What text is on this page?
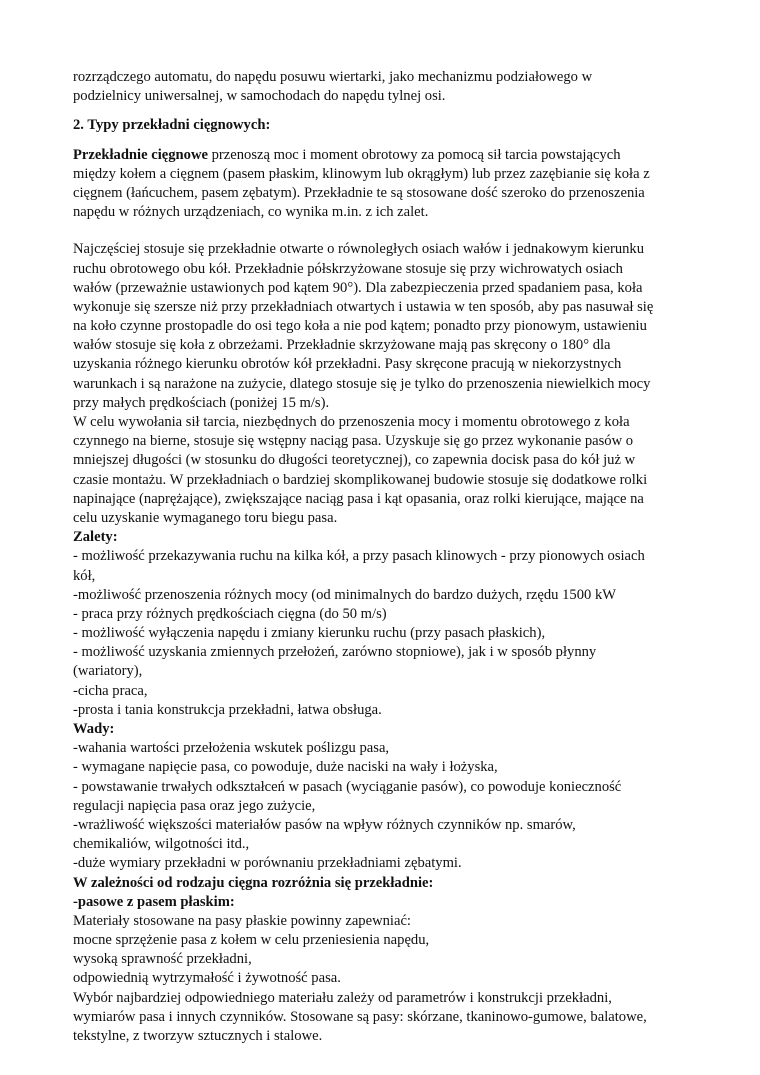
rozrządczego automatu, do napędu posuwu wiertarki, jako mechanizmu podziałowego w
podzielnicy uniwersalnej, w samochodach do napędu tylnej osi.
2. Typy przekładni cięgnowych:
Przekładnie cięgnowe przenoszą moc i moment obrotowy za pomocą sił tarcia powstających
między kołem a cięgnem (pasem płaskim, klinowym lub okrągłym) lub przez zazębianie się koła z
cięgnem (łańcuchem, pasem zębatym). Przekładnie te są stosowane dość szeroko do przenoszenia
napędu w różnych urządzeniach, co wynika m.in. z ich zalet.
Najczęściej stosuje się przekładnie otwarte o równoległych osiach wałów i jednakowym kierunku
ruchu obrotowego obu kół. Przekładnie półskrzyżowane stosuje się przy wichrowatych osiach
wałów (przeważnie ustawionych pod kątem 90°). Dla zabezpieczenia przed spadaniem pasa, koła
wykonuje się szersze niż przy przekładniach otwartych i ustawia w ten sposób, aby pas nasuwał się
na koło czynne prostopadle do osi tego koła a nie pod kątem; ponadto przy pionowym, ustawieniu
wałów stosuje się koła z obrzeżami. Przekładnie skrzyżowane mają pas skręcony o 180° dla
uzyskania różnego kierunku obrotów kół przekładni. Pasy skręcone pracują w niekorzystnych
warunkach i są narażone na zużycie, dlatego stosuje się je tylko do przenoszenia niewielkich mocy
przy małych prędkościach (poniżej 15 m/s).
W celu wywołania sił tarcia, niezbędnych do przenoszenia mocy i momentu obrotowego z koła
czynnego na bierne, stosuje się wstępny naciąg pasa. Uzyskuje się go przez wykonanie pasów o
mniejszej długości (w stosunku do długości teoretycznej), co zapewnia docisk pasa do kół już w
czasie montażu. W przekładniach o bardziej skomplikowanej budowie stosuje się dodatkowe rolki
napinające (naprężające), zwiększające naciąg pasa i kąt opasania, oraz rolki kierujące, mające na
celu uzyskanie wymaganego toru biegu pasa.
Zalety:
- możliwość przekazywania ruchu na kilka kół, a przy pasach klinowych - przy pionowych osiach
kół,
-możliwość przenoszenia różnych mocy (od minimalnych do bardzo dużych, rzędu 1500 kW
- praca przy różnych prędkościach cięgna (do 50 m/s)
- możliwość wyłączenia napędu i zmiany kierunku ruchu (przy pasach płaskich),
- możliwość uzyskania zmiennych przełożeń, zarówno stopniowe), jak i w sposób płynny
(wariatory),
-cicha praca,
-prosta i tania konstrukcja przekładni, łatwa obsługa.
Wady:
-wahania wartości przełożenia wskutek poślizgu pasa,
- wymagane napięcie pasa, co powoduje, duże naciski na wały i łożyska,
- powstawanie trwałych odkształceń w pasach (wyciąganie pasów), co powoduje konieczność
regulacji napięcia pasa oraz jego zużycie,
-wrażliwość większości materiałów pasów na wpływ różnych czynników np. smarów,
chemikaliów, wilgotności itd.,
-duże wymiary przekładni w porównaniu przekładniami zębatymi.
W zależności od rodzaju cięgna rozróżnia się przekładnie:
-pasowe z pasem płaskim:
Materiały stosowane na pasy płaskie powinny zapewniać:
mocne sprzężenie pasa z kołem w celu przeniesienia napędu,
wysoką sprawność przekładni,
odpowiednią wytrzymałość i żywotność pasa.
Wybór najbardziej odpowiedniego materiału zależy od parametrów i konstrukcji przekładni,
wymiarów pasa i innych czynników. Stosowane są pasy: skórzane, tkaninowo-gumowe, balatowe,
tekstylne, z tworzyw sztucznych i stalowe.
